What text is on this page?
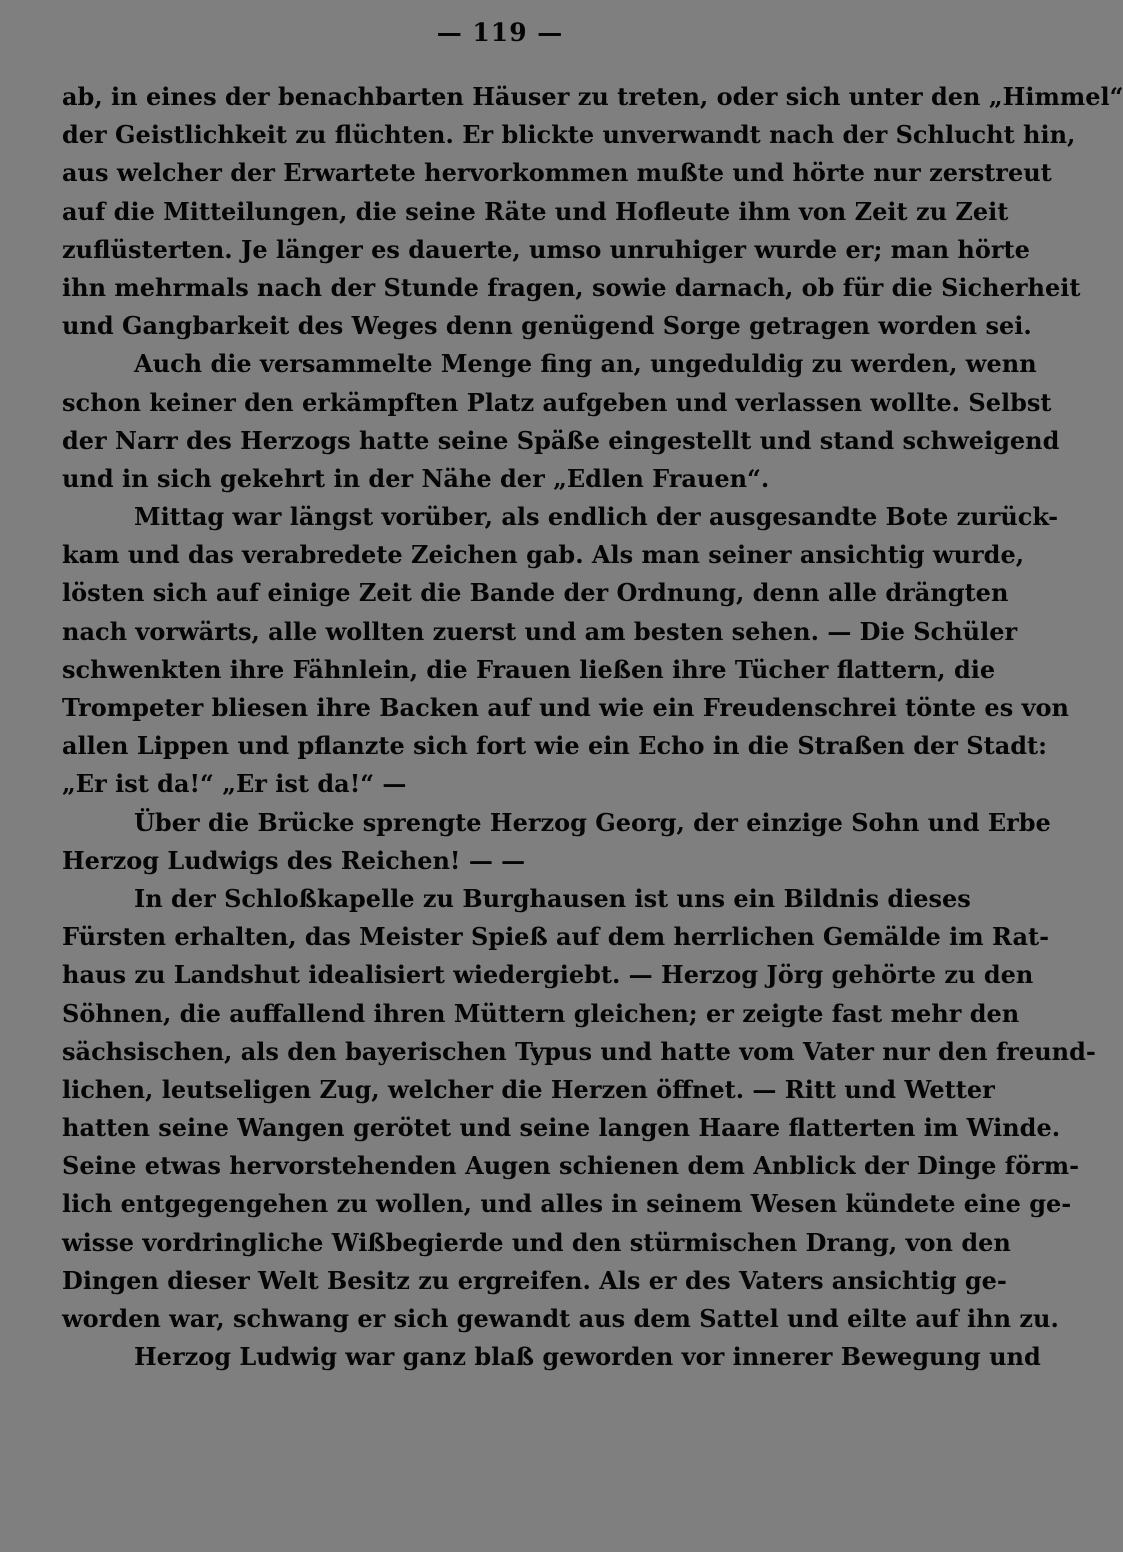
— 119 —
ab, in eines der benachbarten Häuser zu treten, oder sich unter den „Himmel“
der Geistlichkeit zu flüchten. Er blickte unverwandt nach der Schlucht hin,
aus welcher der Erwartete hervorkommen mußte und hörte nur zerstreut
auf die Mitteilungen, die seine Räte und Hofleute ihm von Zeit zu Zeit
zuflüsterten. Je länger es dauerte, umso unruhiger wurde er; man hörte
ihn mehrmals nach der Stunde fragen, sowie darnach, ob für die Sicherheit
und Gangbarkeit des Weges denn genügend Sorge getragen worden sei.
Auch die versammelte Menge fing an, ungeduldig zu werden, wenn
schon keiner den erkämpften Platz aufgeben und verlassen wollte. Selbst
der Narr des Herzogs hatte seine Späße eingestellt und stand schweigend
und in sich gekehrt in der Nähe der „Edlen Frauen“.
Mittag war längst vorüber, als endlich der ausgesandte Bote zurück-
kam und das verabredete Zeichen gab. Als man seiner ansichtig wurde,
lösten sich auf einige Zeit die Bande der Ordnung, denn alle drängten
nach vorwärts, alle wollten zuerst und am besten sehen. — Die Schüler
schwenkten ihre Fähnlein, die Frauen ließen ihre Tücher flattern, die
Trompeter bliesen ihre Backen auf und wie ein Freudenschrei tönte es von
allen Lippen und pflanzte sich fort wie ein Echo in die Straßen der Stadt:
„Er ist da!“ „Er ist da!“ —
Über die Brücke sprengte Herzog Georg, der einzige Sohn und Erbe
Herzog Ludwigs des Reichen! — —
In der Schloßkapelle zu Burghausen ist uns ein Bildnis dieses
Fürsten erhalten, das Meister Spieß auf dem herrlichen Gemälde im Rat-
haus zu Landshut idealisiert wiedergiebt. — Herzog Jörg gehörte zu den
Söhnen, die auffallend ihren Müttern gleichen; er zeigte fast mehr den
sächsischen, als den bayerischen Typus und hatte vom Vater nur den freund-
lichen, leutseligen Zug, welcher die Herzen öffnet. — Ritt und Wetter
hatten seine Wangen gerötet und seine langen Haare flatterten im Winde.
Seine etwas hervorstehenden Augen schienen dem Anblick der Dinge förm-
lich entgegengehen zu wollen, und alles in seinem Wesen kündete eine ge-
wisse vordringliche Wißbegierde und den stürmischen Drang, von den
Dingen dieser Welt Besitz zu ergreifen. Als er des Vaters ansichtig ge-
worden war, schwang er sich gewandt aus dem Sattel und eilte auf ihn zu.
Herzog Ludwig war ganz blaß geworden vor innerer Bewegung und
